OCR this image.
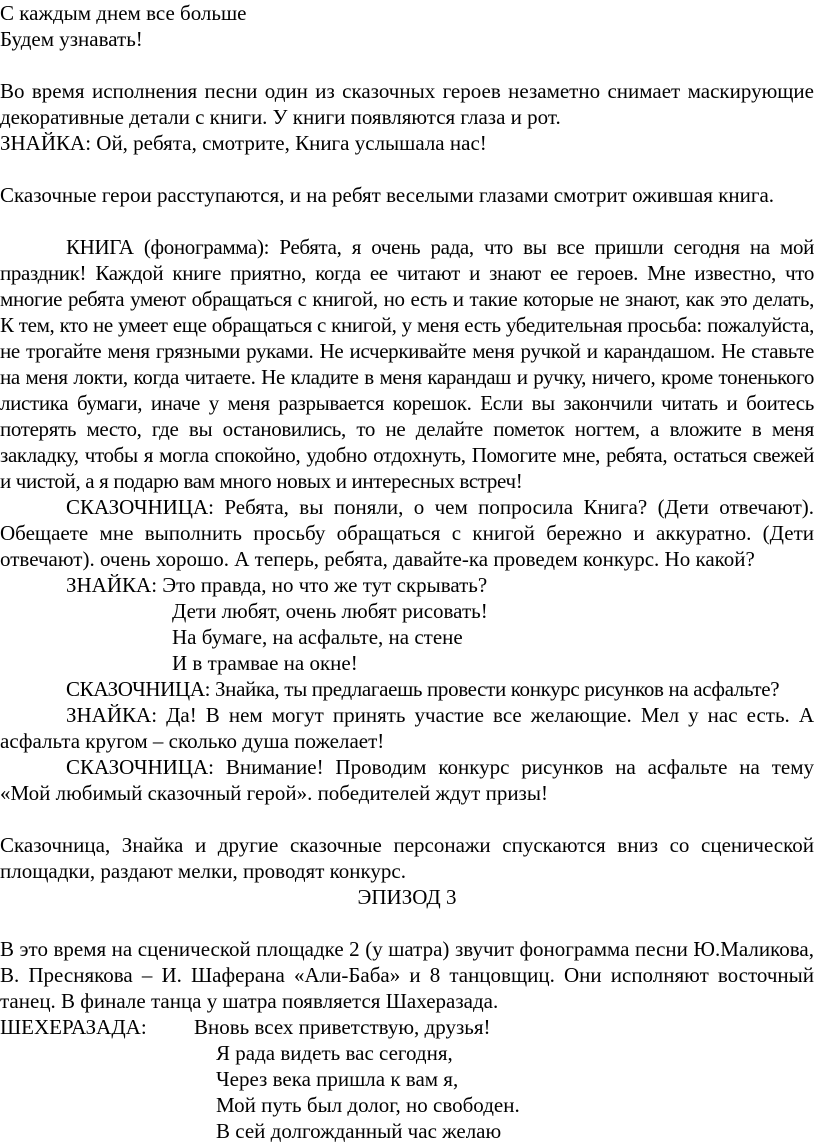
С каждым днем все больше

Будем узнавать!

Во время исполнения песни один из сказочных героев незаметно снимает маскирующие декоративные детали с книги. У книги появляются глаза и рот.

ЗНАЙКА: Ой, ребята, смотрите, Книга услышала нас!

Сказочные герои расступаются, и на ребят веселыми глазами смотрит ожившая книга.

КНИГА (фонограмма): Ребята, я очень рада, что вы все пришли сегодня на мой праздник! Каждой книге приятно, когда ее читают и знают ее героев. Мне известно, что многие ребята умеют обращаться с книгой, но есть и такие которые не знают, как это делать, К тем, кто не умеет еще обращаться с книгой, у меня есть убедительная просьба: пожалуйста, не трогайте меня грязными руками. Не исчеркивайте меня ручкой и карандашом. Не ставьте на меня локти, когда читаете. Не кладите в меня карандаш и ручку, ничего, кроме тоненького листика бумаги, иначе у меня разрывается корешок. Если вы закончили читать и боитесь потерять место, где вы остановились, то не делайте пометок ногтем, а вложите в меня закладку, чтобы я могла спокойно, удобно отдохнуть, Помогите мне, ребята, остаться свежей и чистой, а я подарю вам много новых и интересных встреч!

СКАЗОЧНИЦА: Ребята, вы поняли, о чем попросила Книга? (Дети отвечают). Обещаете мне выполнить просьбу обращаться с книгой бережно и аккуратно. (Дети отвечают). очень хорошо. А теперь, ребята, давайте-ка проведем конкурс. Но какой?

ЗНАЙКА: Это правда, но что же тут скрывать?

Дети любят, очень любят рисовать!

На бумаге, на асфальте, на стене

И в трамвае на окне!

СКАЗОЧНИЦА: Знайка, ты предлагаешь провести конкурс рисунков на асфальте?

ЗНАЙКА: Да! В нем могут принять участие все желающие. Мел у нас есть. А асфальта кругом – сколько душа пожелает!

СКАЗОЧНИЦА: Внимание! Проводим конкурс рисунков на асфальте на тему «Мой любимый сказочный герой». победителей ждут призы!

Сказочница, Знайка и другие сказочные персонажи спускаются вниз со сценической площадки, раздают мелки, проводят конкурс.

ЭПИЗОД 3

В это время на сценической площадке 2 (у шатра) звучит фонограмма песни Ю.Маликова, В. Преснякова – И. Шаферана «Али-Баба» и 8 танцовщиц. Они исполняют восточный танец. В финале танца у шатра появляется Шахеразада.

ШЕХЕРАЗАДА: Вновь всех приветствую, друзья!

Я рада видеть вас сегодня,

Через века пришла к вам я,

Мой путь был долог, но свободен.

В сей долгожданный час желаю
